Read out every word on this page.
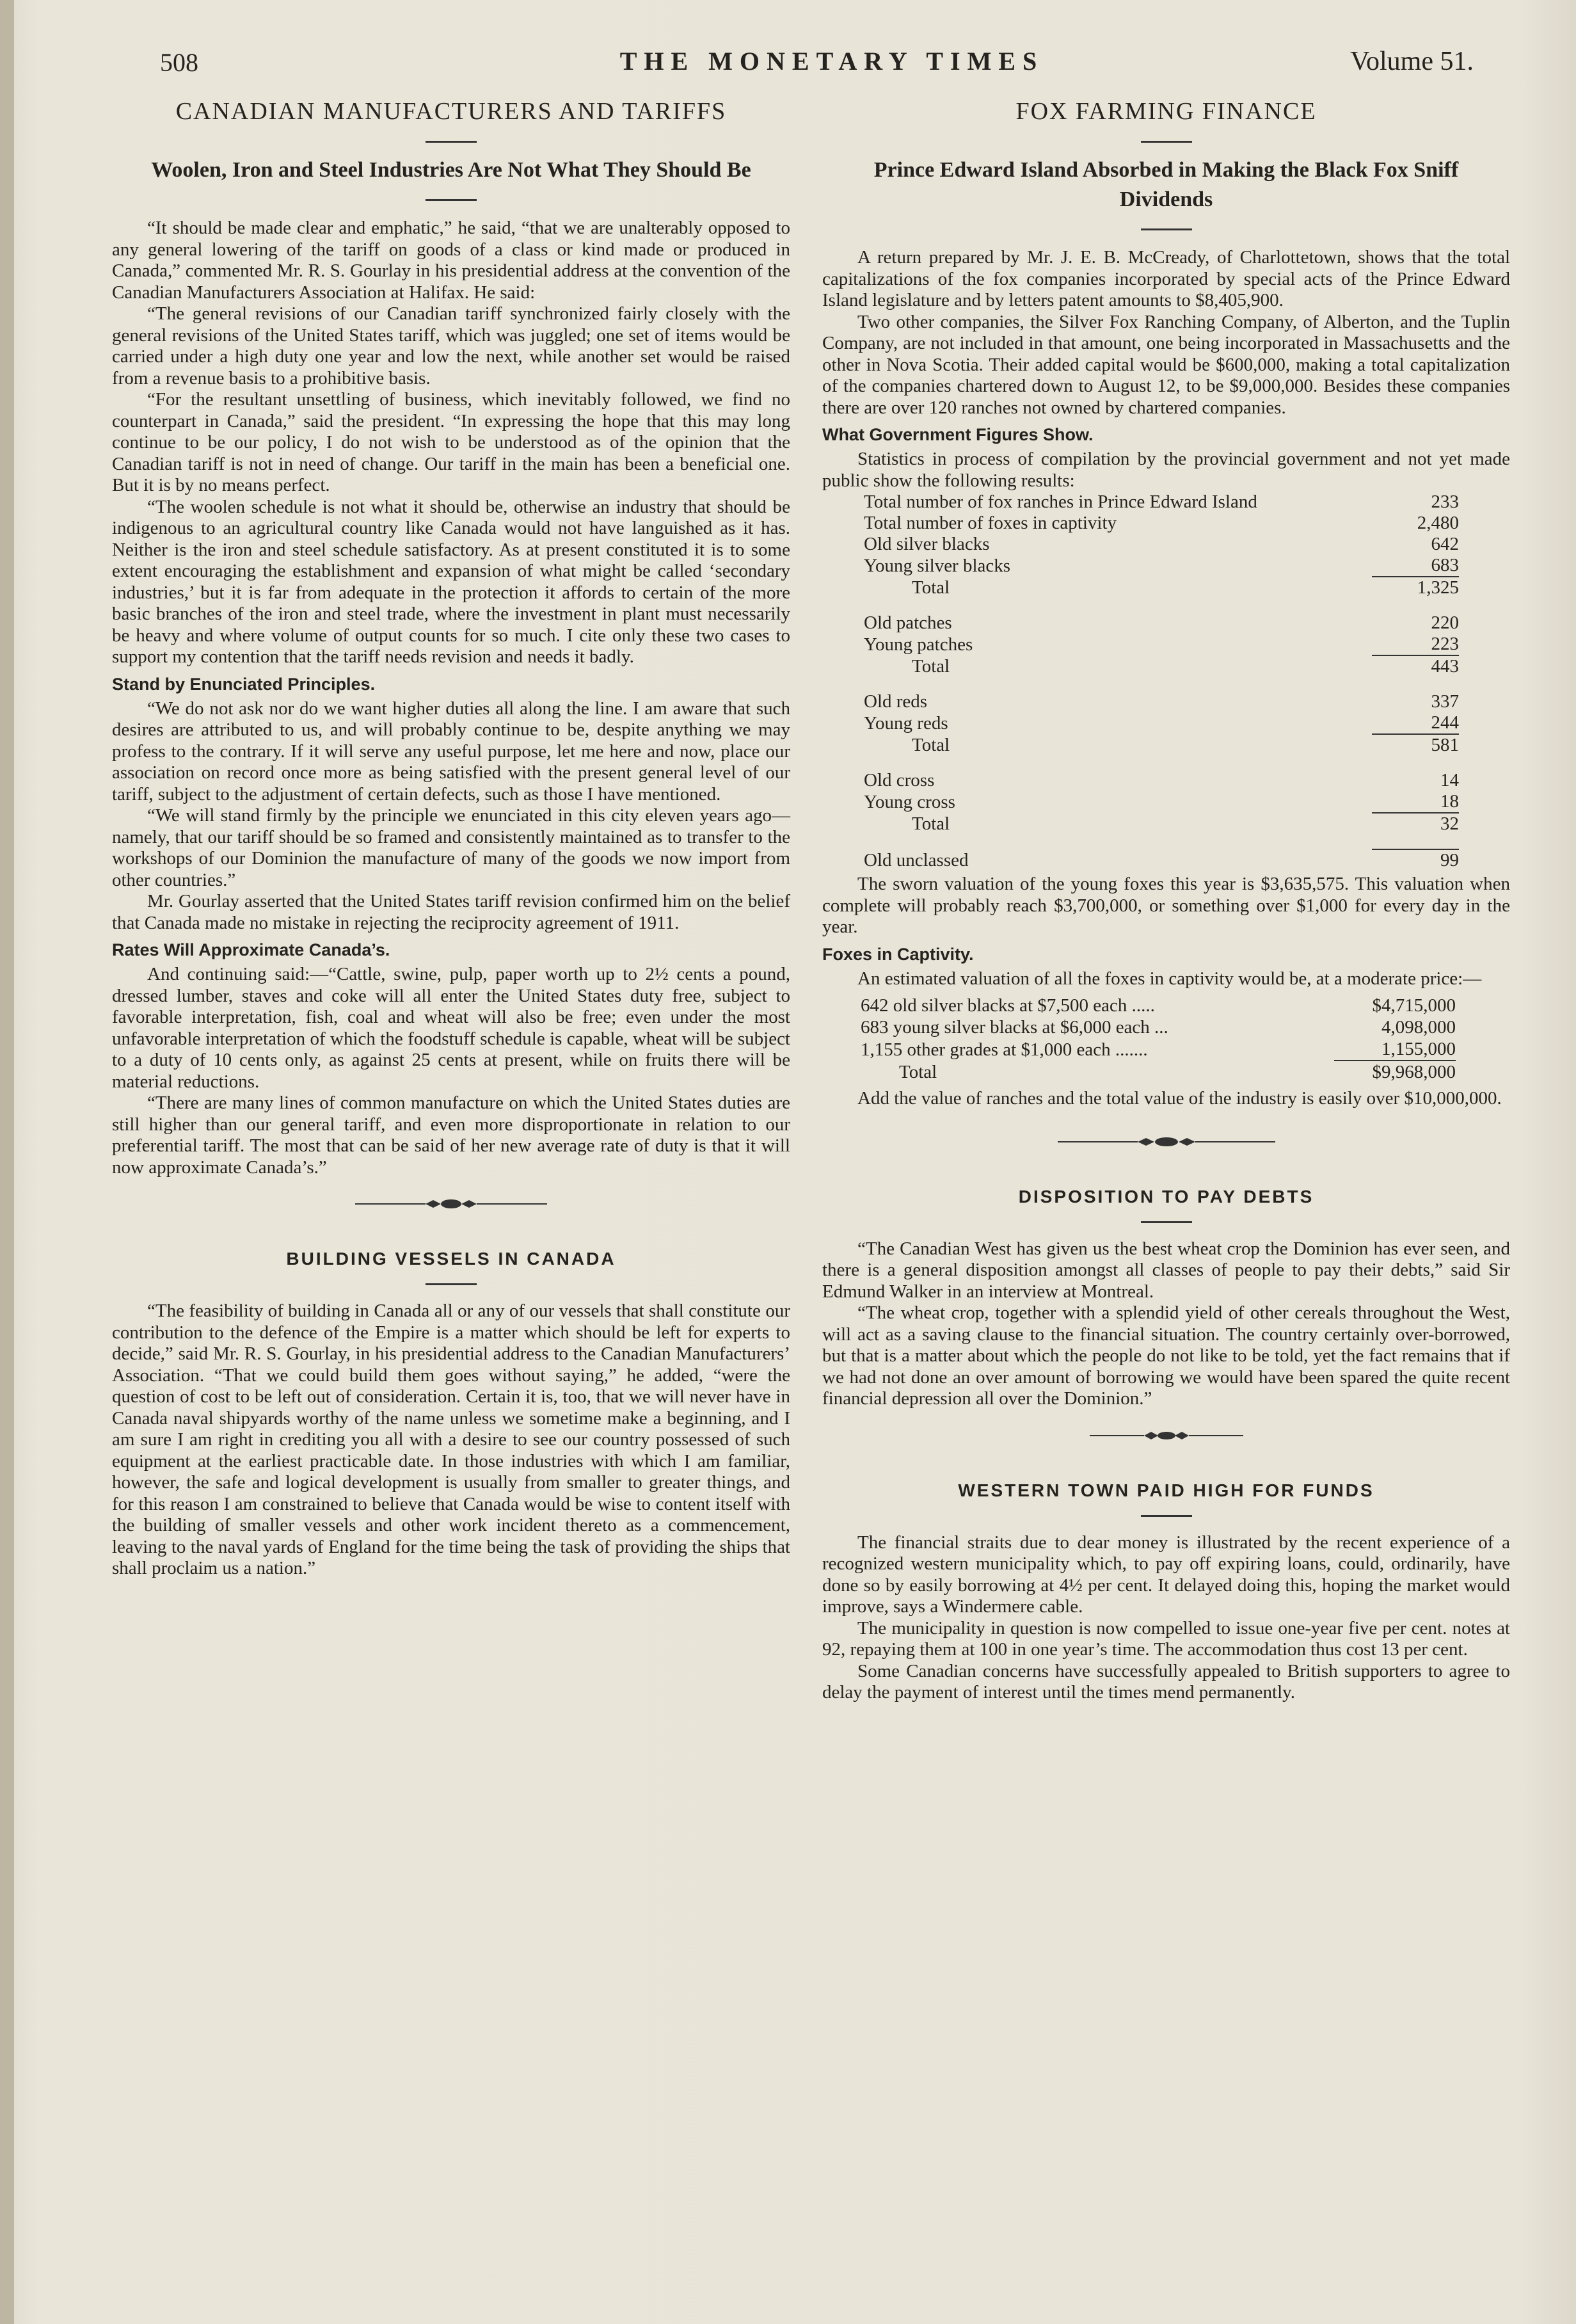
508	THE MONETARY TIMES	Volume 51.
CANADIAN MANUFACTURERS AND TARIFFS
Woolen, Iron and Steel Industries Are Not What They Should Be

“It should be made clear and emphatic,” he said, “that we are unalterably opposed to any general lowering of the tariff on goods of a class or kind made or produced in Canada,” commented Mr. R. S. Gourlay in his presidential address at the convention of the Canadian Manufacturers Association at Halifax. He said:

“The general revisions of our Canadian tariff synchronized fairly closely with the general revisions of the United States tariff, which was juggled; one set of items would be carried under a high duty one year and low the next, while another set would be raised from a revenue basis to a prohibitive basis.

“For the resultant unsettling of business, which inevitably followed, we find no counterpart in Canada,” said the president. “In expressing the hope that this may long continue to be our policy, I do not wish to be understood as of the opinion that the Canadian tariff is not in need of change. Our tariff in the main has been a beneficial one. But it is by no means perfect.

“The woolen schedule is not what it should be, otherwise an industry that should be indigenous to an agricultural country like Canada would not have languished as it has. Neither is the iron and steel schedule satisfactory. As at present constituted it is to some extent encouraging the establishment and expansion of what might be called ‘secondary industries,’ but it is far from adequate in the protection it affords to certain of the more basic branches of the iron and steel trade, where the investment in plant must necessarily be heavy and where volume of output counts for so much. I cite only these two cases to support my contention that the tariff needs revision and needs it badly.

Stand by Enunciated Principles.

“We do not ask nor do we want higher duties all along the line. I am aware that such desires are attributed to us, and will probably continue to be, despite anything we may profess to the contrary. If it will serve any useful purpose, let me here and now, place our association on record once more as being satisfied with the present general level of our tariff, subject to the adjustment of certain defects, such as those I have mentioned.

“We will stand firmly by the principle we enunciated in this city eleven years ago—namely, that our tariff should be so framed and consistently maintained as to transfer to the workshops of our Dominion the manufacture of many of the goods we now import from other countries.”

Mr. Gourlay asserted that the United States tariff revision confirmed him on the belief that Canada made no mistake in rejecting the reciprocity agreement of 1911.

Rates Will Approximate Canada’s.

And continuing said:—“Cattle, swine, pulp, paper worth up to 2½ cents a pound, dressed lumber, staves and coke will all enter the United States duty free, subject to favorable interpretation, fish, coal and wheat will also be free; even under the most unfavorable interpretation of which the foodstuff schedule is capable, wheat will be subject to a duty of 10 cents only, as against 25 cents at present, while on fruits there will be material reductions.

“There are many lines of common manufacture on which the United States duties are still higher than our general tariff, and even more disproportionate in relation to our preferential tariff. The most that can be said of her new average rate of duty is that it will now approximate Canada’s.”

BUILDING VESSELS IN CANADA

“The feasibility of building in Canada all or any of our vessels that shall constitute our contribution to the defence of the Empire is a matter which should be left for experts to decide,” said Mr. R. S. Gourlay, in his presidential address to the Canadian Manufacturers’ Association. “That we could build them goes without saying,” he added, “were the question of cost to be left out of consideration. Certain it is, too, that we will never have in Canada naval shipyards worthy of the name unless we sometime make a beginning, and I am sure I am right in crediting you all with a desire to see our country possessed of such equipment at the earliest practicable date. In those industries with which I am familiar, however, the safe and logical development is usually from smaller to greater things, and for this reason I am constrained to believe that Canada would be wise to content itself with the building of smaller vessels and other work incident thereto as a commencement, leaving to the naval yards of England for the time being the task of providing the ships that shall proclaim us a nation.”

FOX FARMING FINANCE
Prince Edward Island Absorbed in Making the Black Fox Sniff Dividends

A return prepared by Mr. J. E. B. McCready, of Charlottetown, shows that the total capitalizations of the fox companies incorporated by special acts of the Prince Edward Island legislature and by letters patent amounts to $8,405,900.

Two other companies, the Silver Fox Ranching Company, of Alberton, and the Tuplin Company, are not included in that amount, one being incorporated in Massachusetts and the other in Nova Scotia. Their added capital would be $600,000, making a total capitalization of the companies chartered down to August 12, to be $9,000,000. Besides these companies there are over 120 ranches not owned by chartered companies.

What Government Figures Show.

Statistics in process of compilation by the provincial government and not yet made public show the following results:

Total number of fox ranches in Prince Edward Island	233
Total number of foxes in captivity	2,480
Old silver blacks	642
Young silver blacks	683

Total	1,325

Old patches	220
Young patches	223

Total	443

Old reds	337
Young reds	244

Total	581

Old cross	14
Young cross	18

Total	32

Old unclassed	99

The sworn valuation of the young foxes this year is $3,635,575. This valuation when complete will probably reach $3,700,000, or something over $1,000 for every day in the year.

Foxes in Captivity.

An estimated valuation of all the foxes in captivity would be, at a moderate price:—

642 old silver blacks at $7,500 each .....	$4,715,000
683 young silver blacks at $6,000 each ...	4,098,000
1,155 other grades at $1,000 each .......	1,155,000

Total	$9,968,000

Add the value of ranches and the total value of the industry is easily over $10,000,000.

DISPOSITION TO PAY DEBTS

“The Canadian West has given us the best wheat crop the Dominion has ever seen, and there is a general disposition amongst all classes of people to pay their debts,” said Sir Edmund Walker in an interview at Montreal.

“The wheat crop, together with a splendid yield of other cereals throughout the West, will act as a saving clause to the financial situation. The country certainly over-borrowed, but that is a matter about which the people do not like to be told, yet the fact remains that if we had not done an over amount of borrowing we would have been spared the quite recent financial depression all over the Dominion.”

WESTERN TOWN PAID HIGH FOR FUNDS

The financial straits due to dear money is illustrated by the recent experience of a recognized western municipality which, to pay off expiring loans, could, ordinarily, have done so by easily borrowing at 4½ per cent. It delayed doing this, hoping the market would improve, says a Windermere cable.

The municipality in question is now compelled to issue one-year five per cent. notes at 92, repaying them at 100 in one year’s time. The accommodation thus cost 13 per cent.

Some Canadian concerns have successfully appealed to British supporters to agree to delay the payment of interest until the times mend permanently.
